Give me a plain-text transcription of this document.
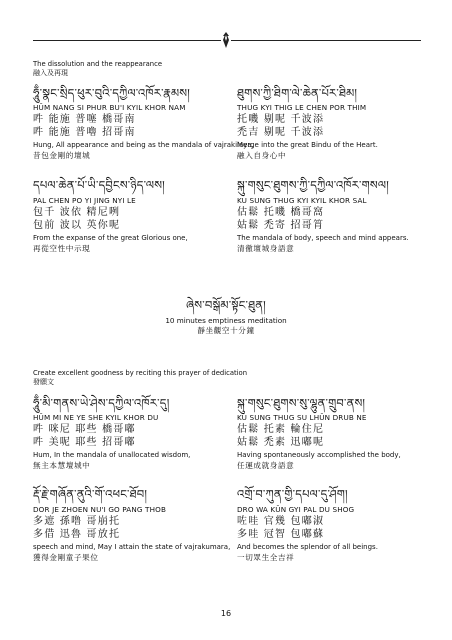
The dissolution and the reappearance
融入及再現
ཧཱུྃ་སྣང་སྲིད་ཕུར་བུའི་དཀྱིལ་འཁོར་རྣམས།
HŪM NANG SI PHUR BU'I KYIL KHOR NAM
吽 能施 普噻 橋哥南
吽 能施 普嚕 招哥南
Hung, All appearance and being as the mandala of vajrakilaya,
昔包金剛的壇城
ཐུགས་ཀྱི་ཐིག་ལེ་ཆེན་པོར་ཐིམ།
THUG KYI THIG LE CHEN POR THIM
托嘰 剔呢 千波添
禿吉 剔呢 千波添
Merge into the great Bindu of the Heart.
融入自身心中
དཔལ་ཆེན་པོ་ཡི་དབྱིངས་ཉིད་ལས།
PAL CHEN PO YI JING NYI LE
包千 波依 精尼咧
包前 波以 英你呢
From the expanse of the great Glorious one,
再從空性中示現
སྐུ་གསུང་ཐུགས་ཀྱི་དཀྱིལ་འཁོར་གསལ།
KU SUNG THUG KYI KYIL KHOR SAL
估鬆 托嘰 橋哥窩
姑鬆 禿寄 招哥筲
The mandala of body, speech and mind appears.
清徹壇城身語意
ཞེས་བསྒོམ་སྟོང་ཐུན།
10 minutes emptiness meditation
靜坐觀空十分鐘
Create excellent goodness by reciting this prayer of dedication
發願文
ཧཱུྃ་མི་གནས་ཡེ་ཤེས་དཀྱིལ་འཁོར་དུ།
HŪM MI NE YE SHE KYIL KHOR DU
吽 咪尼 耶些 橋哥嘟
吽 美呢 耶些 招哥嘟
Hum, In the mandala of unallocated wisdom,
無主本慧壇城中
སྐུ་གསུང་ཐུགས་སུ་ལྷུན་གྲུབ་ནས།
KU SUNG THUG SU LHŪN DRUB NE
估鬆 托素 輪住尼
姑鬆 禿素 迅嘟呢
Having spontaneously accomplished the body,
任運成就身語意
རྡོ་རྗེ་གཞོན་ནུའི་གོ་འཕང་ཐོབ།
DOR JE ZHOEN NU'I GO PANG THOB
多遮 孫噜 哥崩托
多借 迅魯 哥放托
speech and mind, May I attain the state of vajrakumara,
獲得金剛童子果位
འགྲོ་བ་ཀུན་གྱི་དཔལ་དུ་ཤོག།
DRO WA KŪN GYI PAL DU SHOG
咗哇 官幾 包嘟淑
多哇 冠智 包嘟蘇
And becomes the splendor of all beings.
一切眾生全吉祥
16
